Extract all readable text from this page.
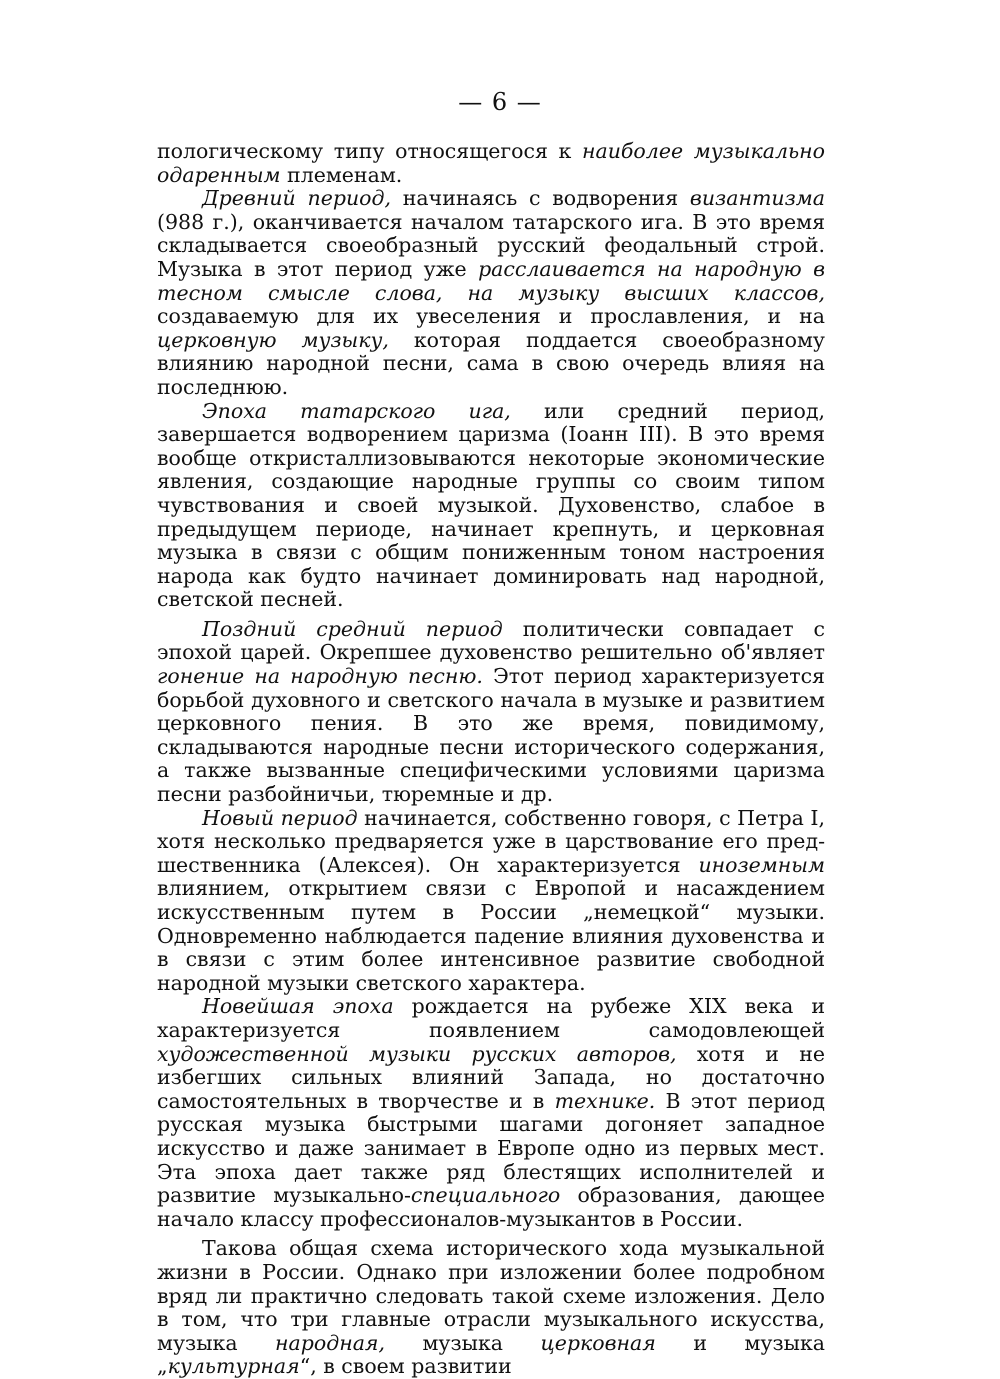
— 6 —

пологическому типу относящегося к наиболее музыкально одаренным племенам.

Древний период, начинаясь с водворения византизма (988 г.), оканчивается началом татарского ига. В это время складывается своеобразный русский феодальный строй. Музыка в этот период уже расслаивается на народную в тесном смысле слова, на музыку высших классов, создаваемую для их увеселения и прославления, и на церковную музыку, которая поддается своеобразному влиянию народной песни, сама в свою очередь влияя на последнюю.

Эпоха татарского ига, или средний период, завершается водворением царизма (Іоанн III). В это время вообще откристаллизовываются некоторые экономические явления, создающие народные группы со своим типом чувствования и своей музыкой. Духовенство, слабое в предыдущем периоде, начинает крепнуть, и церковная музыка в связи с общим пониженным тоном настроения народа как будто начинает доминировать над народной, светской песней.

Поздний средний период политически совпадает с эпохой царей. Окрепшее духовенство решительно об'являет гонение на народную песню. Этот период характеризуется борьбой духовного и светского начала в музыке и развитием церковного пения. В это же время, повидимому, складываются народные песни исторического содержания, а также вызванные специфическими условиями царизма песни разбойничьи, тюремные и др.

Новый период начинается, собственно говоря, с Петра I, хотя несколько предваряется уже в царствование его предшественника (Алексея). Он характеризуется иноземным влиянием, открытием связи с Европой и насаждением искусственным путем в России „немецкой“ музыки. Одновременно наблюдается падение влияния духовенства и в связи с этим более интенсивное развитие свободной народной музыки светского характера.

Новейшая эпоха рождается на рубеже XIX века и характеризуется появлением самодовлеющей художественной музыки русских авторов, хотя и не избегших сильных влияний Запада, но достаточно самостоятельных в творчестве и в технике. В этот период русская музыка быстрыми шагами догоняет западное искусство и даже занимает в Европе одно из первых мест. Эта эпоха дает также ряд блестящих исполнителей и развитие музыкально-специального образования, дающее начало классу профессионалов-музыкантов в России.

Такова общая схема исторического хода музыкальной жизни в России. Однако при изложении более подробном вряд ли практично следовать такой схеме изложения. Дело в том, что три главные отрасли музыкального искусства, музыка народная, музыка церковная и музыка „культурная“, в своем развитии
